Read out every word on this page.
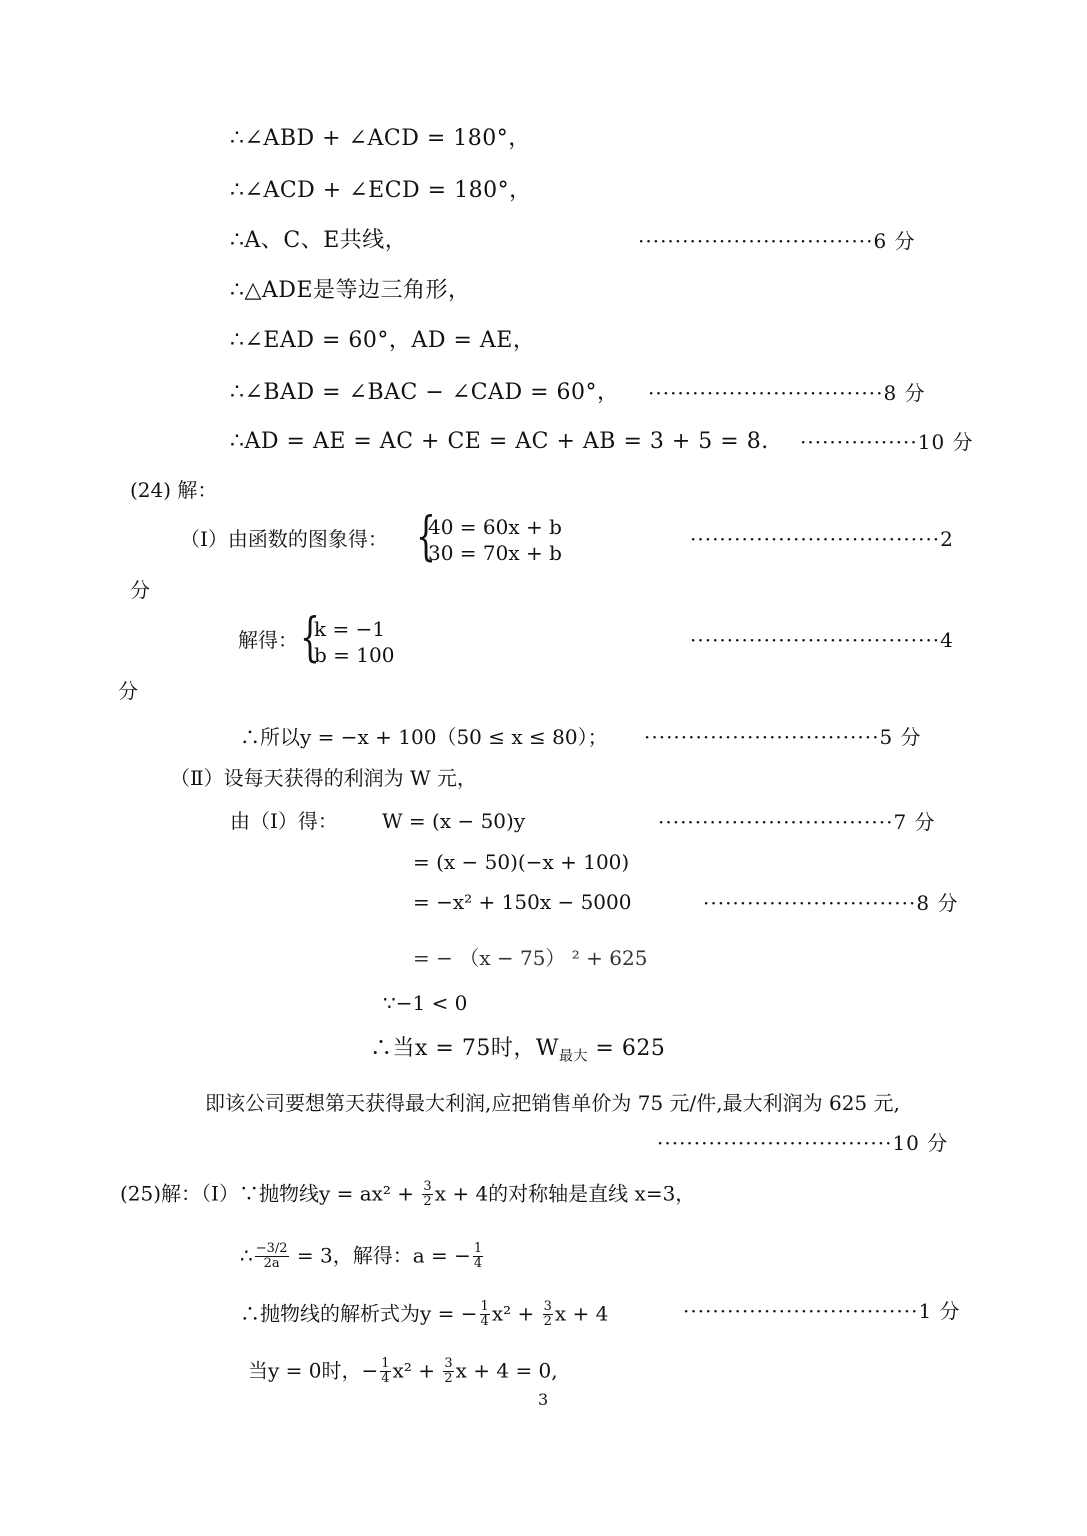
∴∠ABD + ∠ACD = 180°，
∴∠ACD + ∠ECD = 180°，
∴A、C、E共线，	································6 分
∴△ADE是等边三角形，
∴∠EAD = 60°，AD = AE，
∴∠BAD = ∠BAC − ∠CAD = 60°， ································8 分
∴AD = AE = AC + CE = AC + AB = 3 + 5 = 8. ················10 分
(24) 解：
（Ⅰ）由函数的图象得： {
40 = 60x + b
30 = 70x + b
··································2
分
解得： {
k = −1
b = 100
··································4
分
∴所以y = −x + 100（50 ≤ x ≤ 80）； ································5 分
（Ⅱ）设每天获得的利润为 W 元，
由（Ⅰ）得： W = (x − 50)y	································7 分
= (x − 50)(−x + 100)
= −x² + 150x − 5000	·····························8 分
= − （x − 75） ² + 625
∵−1 < 0
∴当x = 75时，$W_{最大} = 625$
即该公司要想第天获得最大利润,应把销售单价为 75 元/件,最大利润为 625 元,
································10 分
(25)解：（Ⅰ）∵抛物线$y = ax^2 + \frac{3}{2}$ x + 4的对称轴是直线 x=3，
∴ $\frac{-3/2}{2a} = 3$，解得：a = − $\frac{1}{4}$
∴抛物线的解析式为y = − $\frac{1}{4} x^2 + \frac{3}{2}$ x + 4	································1 分
当y = 0时，− $\frac{1}{4} x^2 + \frac{3}{2}$ x + 4 = 0,
3
